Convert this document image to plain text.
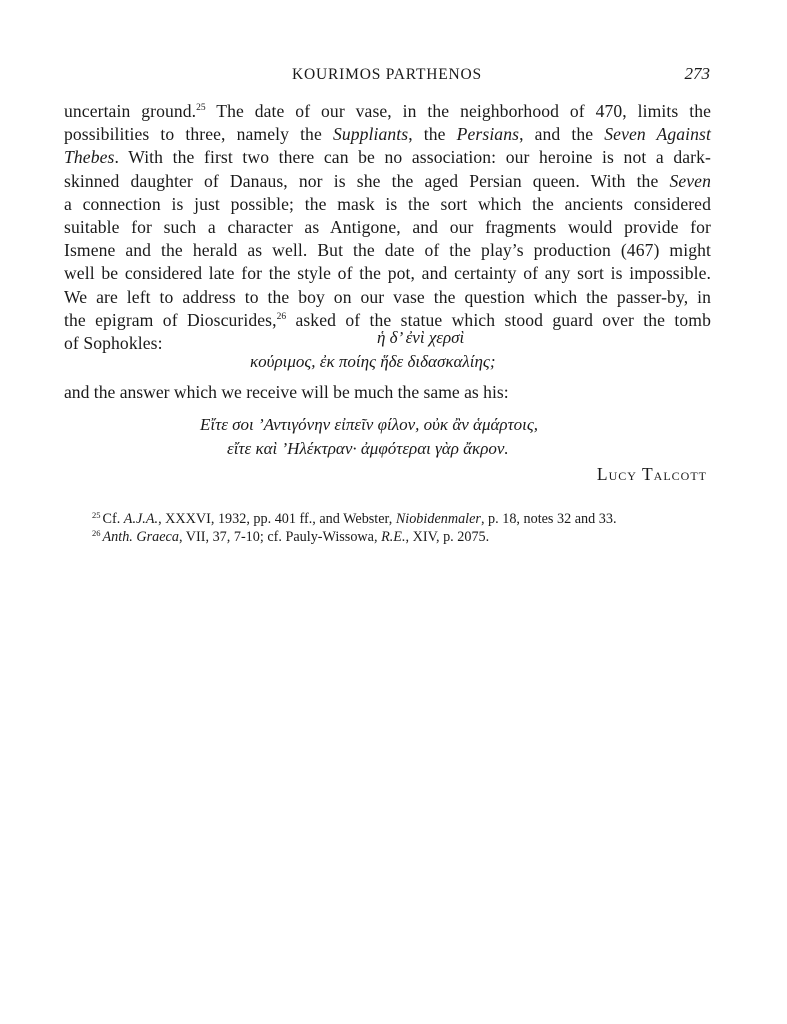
KOURIMOS PARTHENOS	273
uncertain ground.$^{25}$ The date of our vase, in the neighborhood of 470, limits the
possibilities to three, namely the Suppliants, the Persians, and the Seven Against
Thebes. With the first two there can be no association: our heroine is not a dark-
skinned daughter of Danaus, nor is she the aged Persian queen. With the Seven
a connection is just possible; the mask is the sort which the ancients considered
suitable for such a character as Antigone, and our fragments would provide for
Ismene and the herald as well. But the date of the play’s production (467) might
well be considered late for the style of the pot, and certainty of any sort is impossible.
We are left to address to the boy on our vase the question which the passer-by, in
the epigram of Dioscurides,$^{26}$ asked of the statue which stood guard over the tomb
of Sophokles:	ἡ δ’ ἐνὶ χερσὶ
κούριμος, ἐκ ποίης ἥδε διδασκαλίης;
and the answer which we receive will be much the same as his:
Εἴτε σοι ’Αντιγόνην εἰπεῖν φίλον, οὐκ ἂν ἁμάρτοις,
εἴτε καὶ ’Ηλέκτραν· ἀμφότεραι γὰρ ἄκρον.
Lucy Talcott
$^{25}$ Cf. A.J.A., XXXVI, 1932, pp. 401 ff., and Webster, Niobidenmaler, p. 18, notes 32 and 33.
$^{26}$ Anth. Graeca, VII, 37, 7-10; cf. Pauly-Wissowa, R.E., XIV, p. 2075.
